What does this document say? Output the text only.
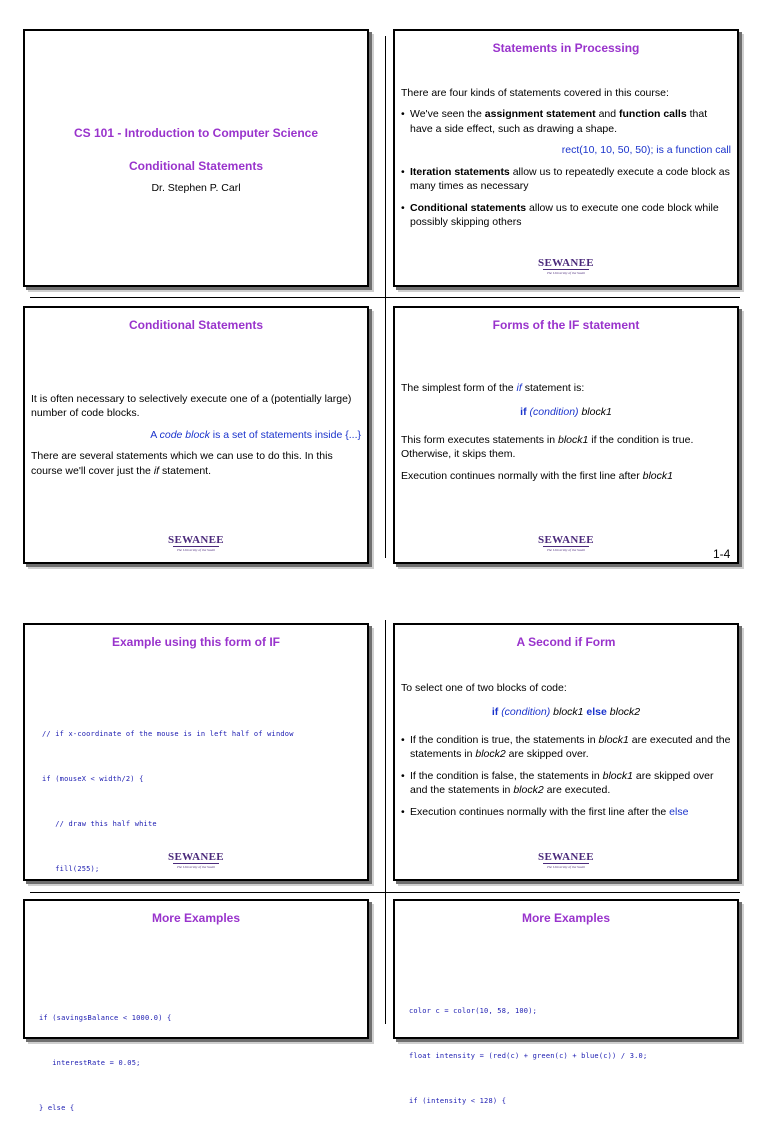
CS 101 - Introduction to Computer Science
Conditional Statements
Dr. Stephen P. Carl
Statements in Processing

There are four kinds of statements covered in this course:

• We've seen the assignment statement and function calls that have a side effect, such as drawing a shape.

rect(10, 10, 50, 50); is a function call

• Iteration statements allow us to repeatedly execute a code block as many times as necessary
• Conditional statements allow us to execute one code block while possibly skipping others
SEWANEE
The University of the South
Conditional Statements

It is often necessary to selectively execute one of a (potentially large) number of code blocks.

A code block is a set of statements inside {...}

There are several statements which we can use to do this. In this course we'll cover just the if statement.

SEWANEE
The University of the South
Forms of the IF statement

The simplest form of the if statement is:

if (condition) block1

This form executes statements in block1 if the condition is true. Otherwise, it skips them.

Execution continues normally with the first line after block1

SEWANEE
The University of the South	1-4
Example using this form of IF

// if x-coordinate of the mouse is in left half of window

if (mouseX < width/2) {

// draw this half white

fill(255);

SEWANEE
The University of the South
A Second if Form

To select one of two blocks of code:

if (condition) block1 else block2

• If the condition is true, the statements in block1 are executed and the statements in block2 are skipped over.
• If the condition is false, the statements in block1 are skipped over and the statements in block2 are executed.
• Execution continues normally with the first line after the else
SEWANEE
The University of the South
More Examples

if (savingsBalance < 1000.0) {

interestRate = 0.05;

} else {

More Examples

color c = color(10, 58, 100);

float intensity = (red(c) + green(c) + blue(c)) / 3.0;

if (intensity < 128) {
